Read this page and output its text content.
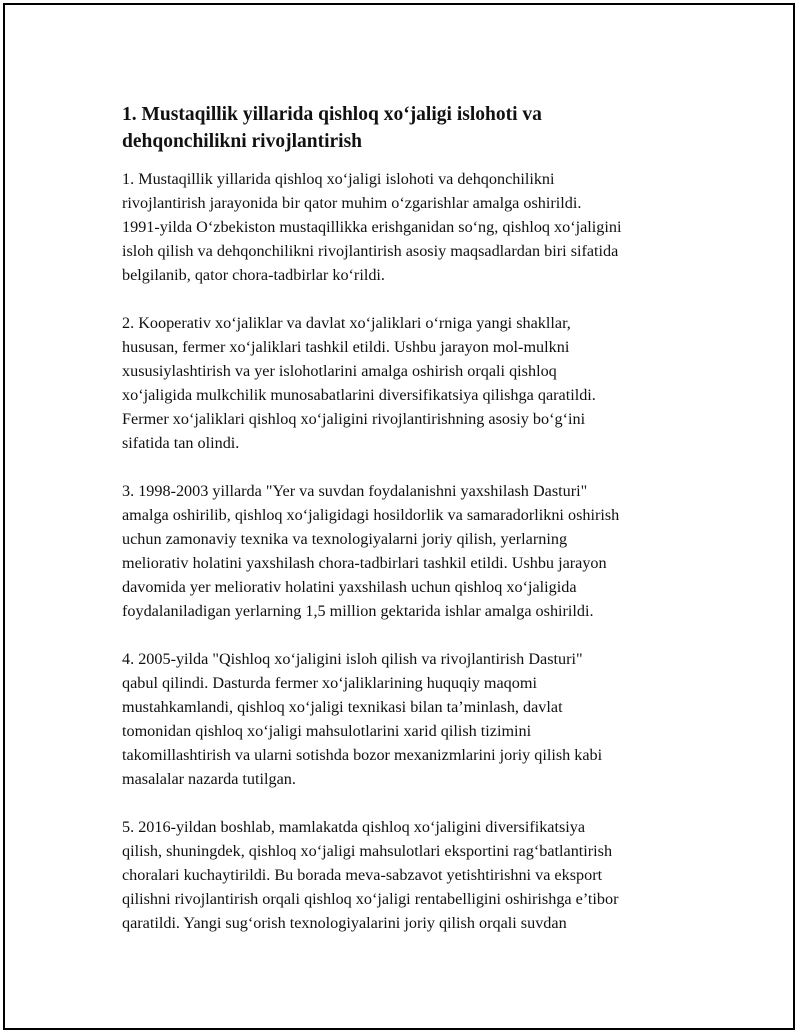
1. Mustaqillik yillarida qishloq xo‘jaligi islohoti va
dehqonchilikni rivojlantirish

1. Mustaqillik yillarida qishloq xo‘jaligi islohoti va dehqonchilikni
rivojlantirish jarayonida bir qator muhim o‘zgarishlar amalga oshirildi.
1991-yilda O‘zbekiston mustaqillikka erishganidan so‘ng, qishloq xo‘jaligini
isloh qilish va dehqonchilikni rivojlantirish asosiy maqsadlardan biri sifatida
belgilanib, qator chora-tadbirlar ko‘rildi.

2. Kooperativ xo‘jaliklar va davlat xo‘jaliklari o‘rniga yangi shakllar,
hususan, fermer xo‘jaliklari tashkil etildi. Ushbu jarayon mol-mulkni
xususiylashtirish va yer islohotlarini amalga oshirish orqali qishloq
xo‘jaligida mulkchilik munosabatlarini diversifikatsiya qilishga qaratildi.
Fermer xo‘jaliklari qishloq xo‘jaligini rivojlantirishning asosiy bo‘g‘ini
sifatida tan olindi.

3. 1998-2003 yillarda "Yer va suvdan foydalanishni yaxshilash Dasturi"
amalga oshirilib, qishloq xo‘jaligidagi hosildorlik va samaradorlikni oshirish
uchun zamonaviy texnika va texnologiyalarni joriy qilish, yerlarning
meliorativ holatini yaxshilash chora-tadbirlari tashkil etildi. Ushbu jarayon
davomida yer meliorativ holatini yaxshilash uchun qishloq xo‘jaligida
foydalaniladigan yerlarning 1,5 million gektarida ishlar amalga oshirildi.

4. 2005-yilda "Qishloq xo‘jaligini isloh qilish va rivojlantirish Dasturi"
qabul qilindi. Dasturda fermer xo‘jaliklarining huquqiy maqomi
mustahkamlandi, qishloq xo‘jaligi texnikasi bilan ta’minlash, davlat
tomonidan qishloq xo‘jaligi mahsulotlarini xarid qilish tizimini
takomillashtirish va ularni sotishda bozor mexanizmlarini joriy qilish kabi
masalalar nazarda tutilgan.

5. 2016-yildan boshlab, mamlakatda qishloq xo‘jaligini diversifikatsiya
qilish, shuningdek, qishloq xo‘jaligi mahsulotlari eksportini rag‘batlantirish
choralari kuchaytirildi. Bu borada meva-sabzavot yetishtirishni va eksport
qilishni rivojlantirish orqali qishloq xo‘jaligi rentabelligini oshirishga e’tibor
qaratildi. Yangi sug‘orish texnologiyalarini joriy qilish orqali suvdan
